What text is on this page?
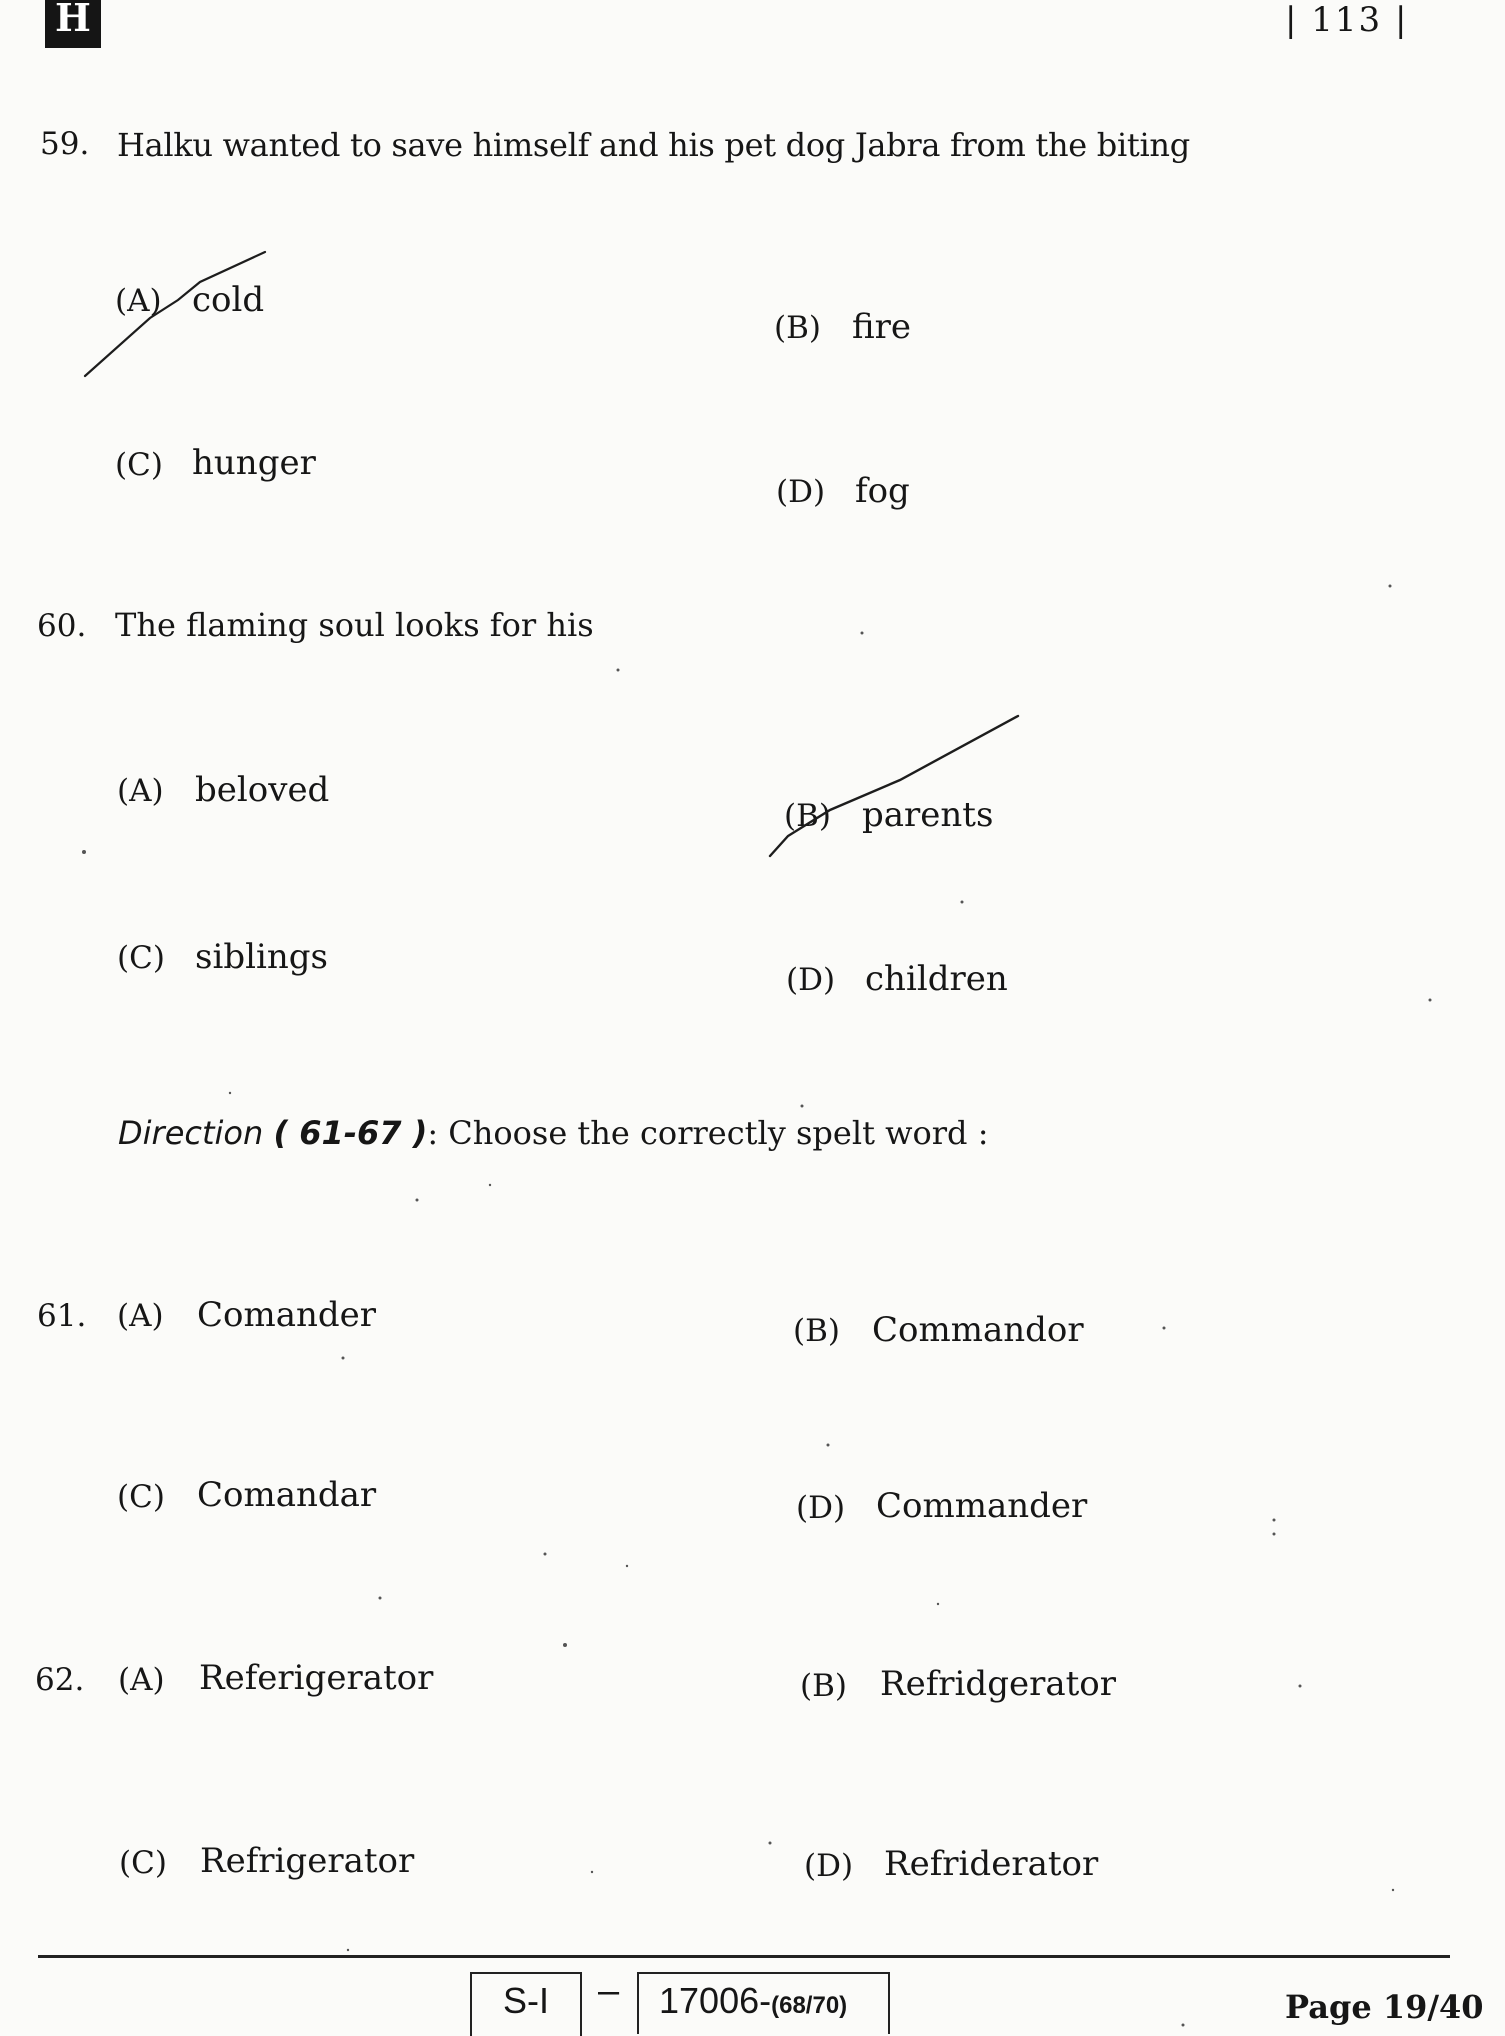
H	| 113 |
59. Halku wanted to save himself and his pet dog Jabra from the biting
(A) cold
(B) fire
(C) hunger
(D) fog
60. The flaming soul looks for his
(A) beloved
(B) parents
(C) siblings
(D) children
Direction ( 61-67 ): Choose the correctly spelt word :
61. (A) Comander	(B) Commandor
(C) Comandar	(D) Commander
62. (A) Referigerator	(B) Refridgerator
(C) Refrigerator	(D) Refriderator
S-I	–	17006-(68/70)	Page 19/40
